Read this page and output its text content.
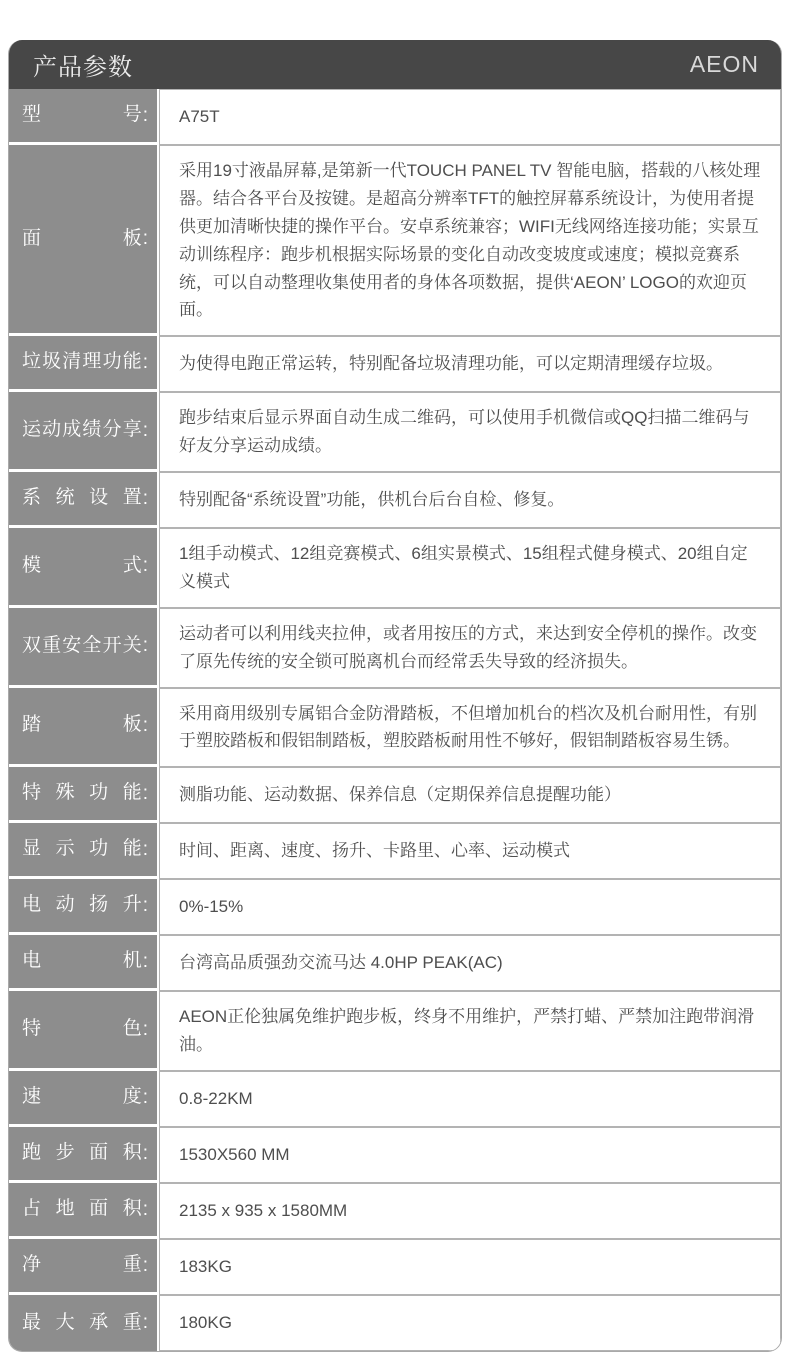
产品参数	AEON
型号 : A75T
面板 :
采用19寸液晶屏幕,是第新一代TOUCH PANEL TV 智能电脑，搭载的八核处理器。结合各平台及按键。是超高分辨率TFT的触控屏幕系统设计，为使用者提供更加清晰快捷的操作平台。安卓系统兼容；WIFI无线网络连接功能；实景互动训练程序：跑步机根据实际场景的变化自动改变坡度或速度；模拟竞赛系统，可以自动整理收集使用者的身体各项数据，提供‘AEON’ LOGO的欢迎页面。
垃圾清理功能 : 为使得电跑正常运转，特别配备垃圾清理功能，可以定期清理缓存垃圾。
运动成绩分享 :
跑步结束后显示界面自动生成二维码，可以使用手机微信或QQ扫描二维码与好友分享运动成绩。
系统设置 : 特别配备“系统设置”功能，供机台后台自检、修复。
模式 :
1组手动模式、12组竞赛模式、6组实景模式、15组程式健身模式、20组自定义模式
双重安全开关 :
运动者可以利用线夹拉伸，或者用按压的方式，来达到安全停机的操作。改变了原先传统的安全锁可脱离机台而经常丢失导致的经济损失。
踏板 :
采用商用级别专属铝合金防滑踏板，不但增加机台的档次及机台耐用性，有别于塑胶踏板和假铝制踏板，塑胶踏板耐用性不够好，假铝制踏板容易生锈。
特殊功能 : 测脂功能、运动数据、保养信息（定期保养信息提醒功能）
显示功能 : 时间、距离、速度、扬升、卡路里、心率、运动模式
电动扬升 : 0%-15%
电机 : 台湾高品质强劲交流马达 4.0HP PEAK(AC)
特色 :
AEON正伦独属免维护跑步板，终身不用维护，严禁打蜡、严禁加注跑带润滑油。
速度 : 0.8-22KM
跑步面积 : 1530X560 MM
占地面积 : 2135 x 935 x 1580MM
净重 : 183KG
最大承重 : 180KG
